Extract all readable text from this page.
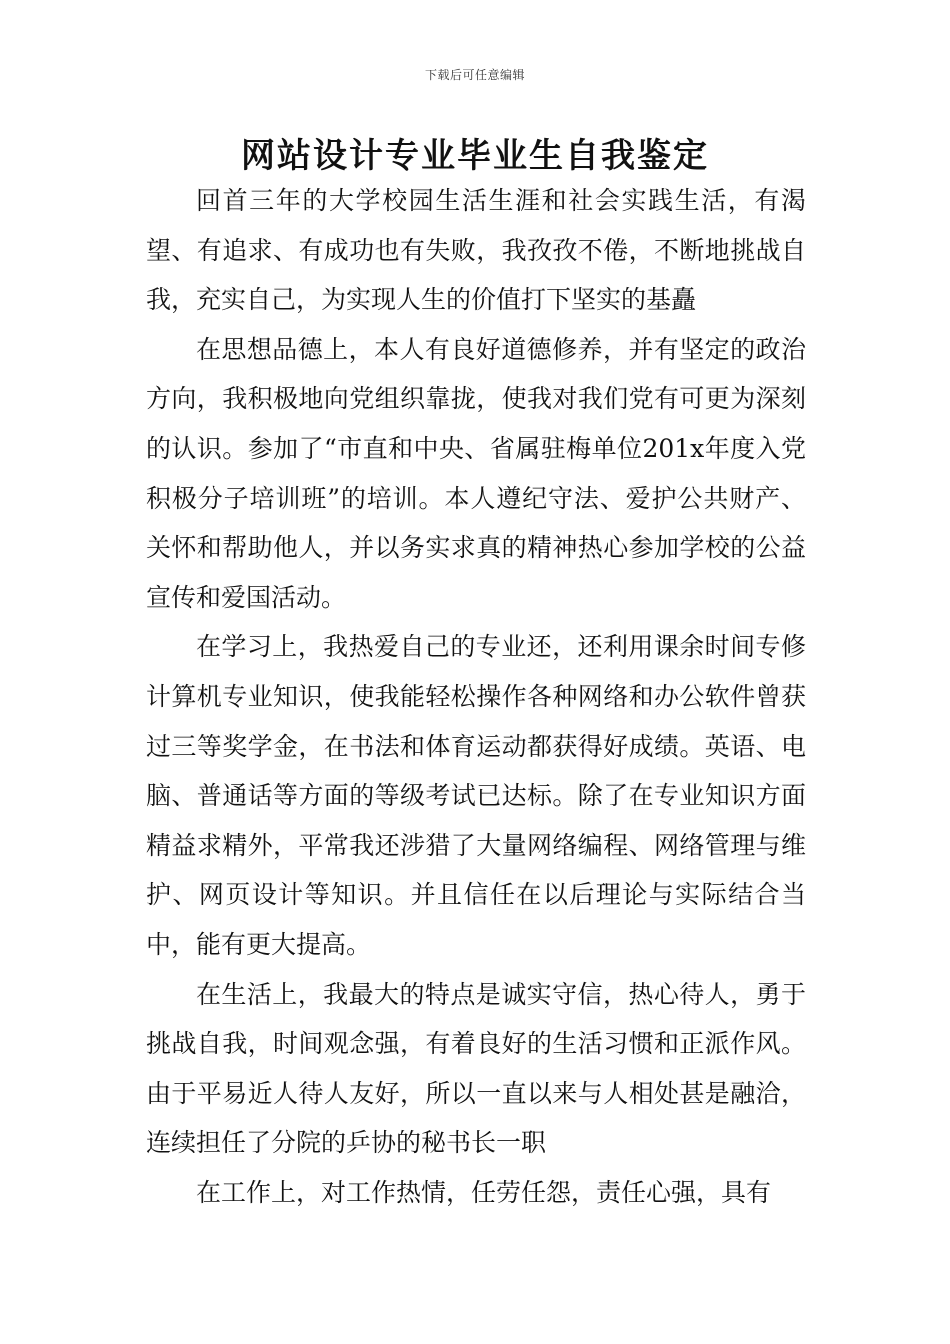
下载后可任意编辑
网站设计专业毕业生自我鉴定

回首三年的大学校园生活生涯和社会实践生活，有渴望、有追求、有成功也有失败，我孜孜不倦，不断地挑战自我，充实自己，为实现人生的价值打下坚实的基矗

在思想品德上，本人有良好道德修养，并有坚定的政治方向，我积极地向党组织靠拢，使我对我们党有可更为深刻的认识。参加了“市直和中央、省属驻梅单位201x年度入党积极分子培训班”的培训。本人遵纪守法、爱护公共财产、关怀和帮助他人，并以务实求真的精神热心参加学校的公益宣传和爱国活动。

在学习上，我热爱自己的专业还，还利用课余时间专修计算机专业知识，使我能轻松操作各种网络和办公软件曾获过三等奖学金，在书法和体育运动都获得好成绩。英语、电脑、普通话等方面的等级考试已达标。除了在专业知识方面精益求精外，平常我还涉猎了大量网络编程、网络管理与维护、网页设计等知识。并且信任在以后理论与实际结合当中，能有更大提高。

在生活上，我最大的特点是诚实守信，热心待人，勇于挑战自我，时间观念强，有着良好的生活习惯和正派作风。由于平易近人待人友好，所以一直以来与人相处甚是融洽，连续担任了分院的乒协的秘书长一职

在工作上，对工作热情，任劳任怨，责任心强，具有
